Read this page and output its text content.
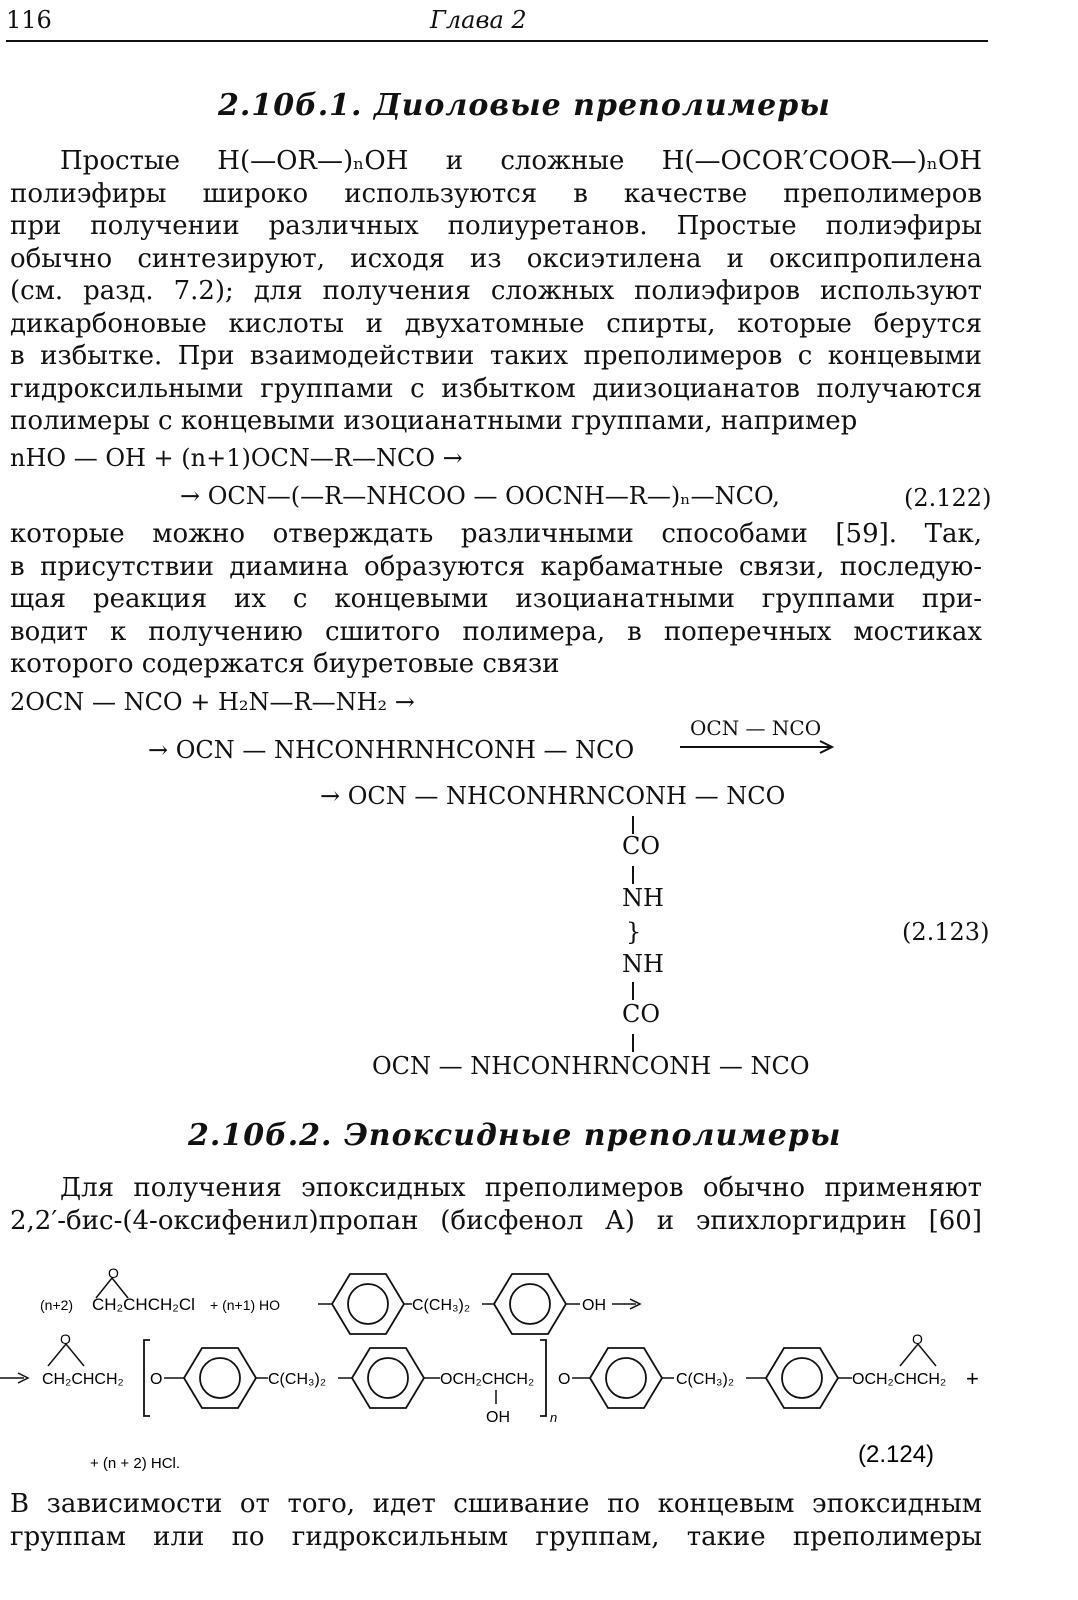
116	Глава 2
2.10б.1. Диоловые преполимеры
Простые H(—OR—)ₙOH и сложные H(—OCOR′COOR—)ₙOH
полиэфиры широко используются в качестве преполимеров
при получении различных полиуретанов. Простые полиэфиры
обычно синтезируют, исходя из оксиэтилена и оксипропилена
(см. разд. 7.2); для получения сложных полиэфиров используют
дикарбоновые кислоты и двухатомные спирты, которые берутся
в избытке. При взаимодействии таких преполимеров с концевыми
гидроксильными группами с избытком диизоцианатов получаются
полимеры с концевыми изоцианатными группами, например
nHO — OH + (n+1)OCN—R—NCO →
→ OCN—(—R—NHCOO — OOCNH—R—)ₙ—NCO,	(2.122)
которые можно отверждать различными способами [59]. Так,
в присутствии диамина образуются карбаматные связи, последую-
щая реакция их с концевыми изоцианатными группами при-
водит к получению сшитого полимера, в поперечных мостиках
которого содержатся биуретовые связи
2OCN — NCO + H₂N—R—NH₂ →
→ OCN — NHCONHRNHCONH — NCO
OCN — NCO
→ OCN — NHCONHRNCONH — NCO
CO
NH
}	(2.123)
NH
CO
OCN — NHCONHRNCONH — NCO
2.10б.2. Эпоксидные преполимеры
Для получения эпоксидных преполимеров обычно применяют
2,2′-бис-(4-оксифенил)пропан (бисфенол А) и эпихлоргидрин [60]
(n+2) CH₂CHCH₂Cl
O
+ (n+1) HO	C(CH₃)₂	OH
CH₂CHCH₂
O
O	C(CH₃)₂	OCH₂CHCH₂
OH	n
O	C(CH₃)₂	OCH₂CHCH₂
O
+
+ (n + 2) HCl.	(2.124)
В зависимости от того, идет сшивание по концевым эпоксидным
группам или по гидроксильным группам, такие преполимеры
